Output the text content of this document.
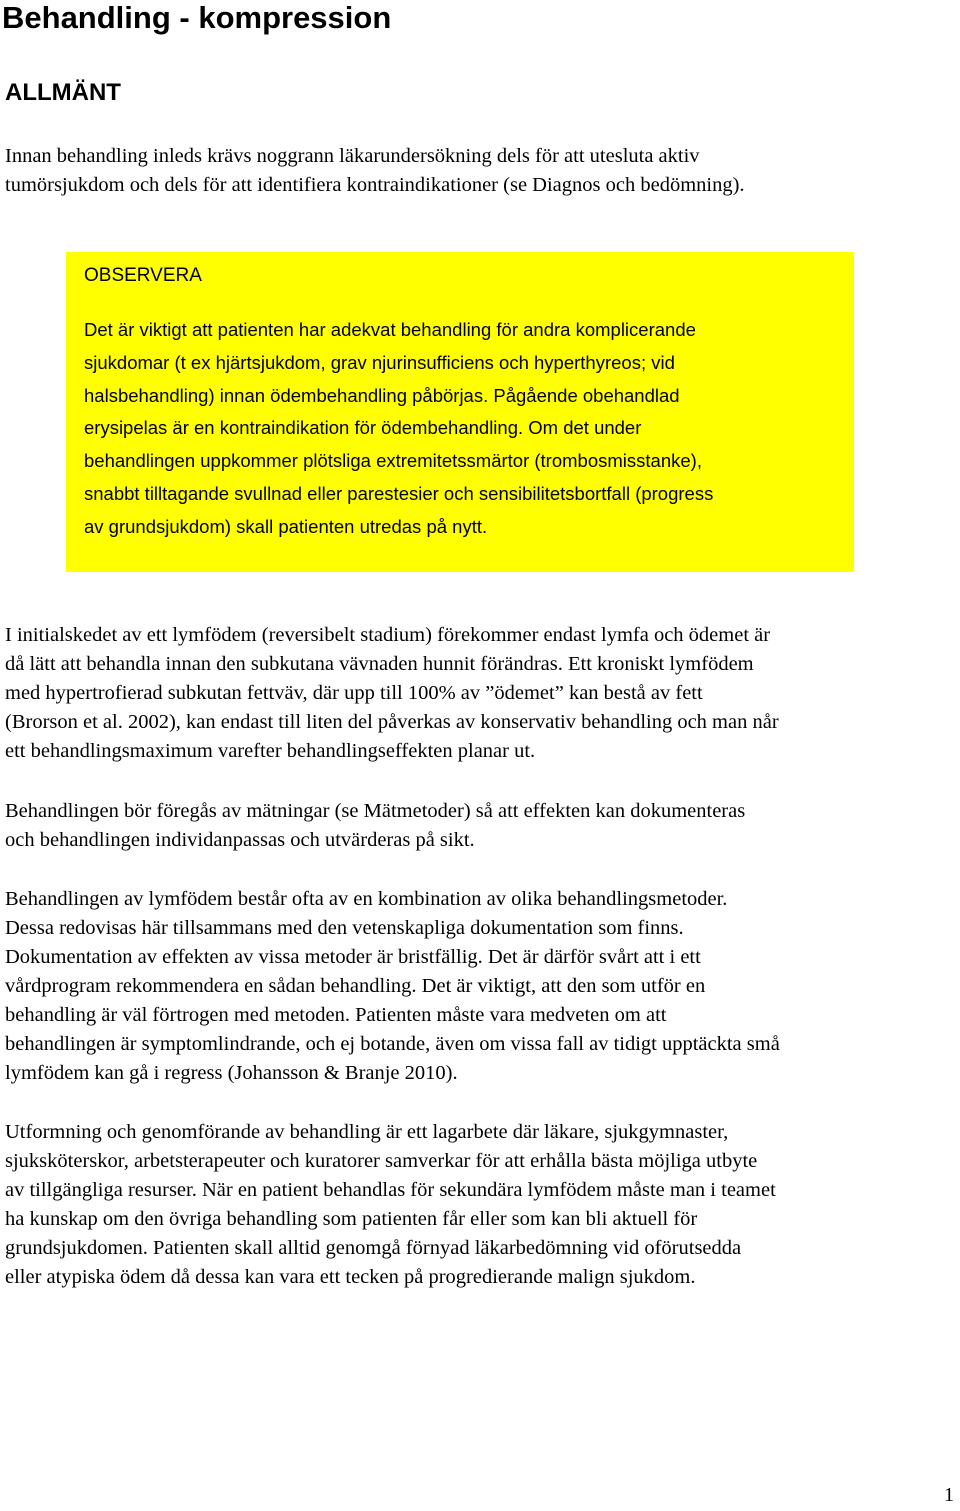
Behandling - kompression
ALLMÄNT

Innan behandling inleds krävs noggrann läkarundersökning dels för att utesluta aktiv
tumörsjukdom och dels för att identifiera kontraindikationer (se Diagnos och bedömning).

OBSERVERA

Det är viktigt att patienten har adekvat behandling för andra komplicerande
sjukdomar (t ex hjärtsjukdom, grav njurinsufficiens och hyperthyreos; vid
halsbehandling) innan ödembehandling påbörjas. Pågående obehandlad
erysipelas är en kontraindikation för ödembehandling. Om det under
behandlingen uppkommer plötsliga extremitetssmärtor (trombosmisstanke),
snabbt tilltagande svullnad eller parestesier och sensibilitetsbortfall (progress
av grundsjukdom) skall patienten utredas på nytt.

I initialskedet av ett lymfödem (reversibelt stadium) förekommer endast lymfa och ödemet är
då lätt att behandla innan den subkutana vävnaden hunnit förändras. Ett kroniskt lymfödem
med hypertrofierad subkutan fettväv, där upp till 100% av ”ödemet” kan bestå av fett
(Brorson et al. 2002), kan endast till liten del påverkas av konservativ behandling och man når
ett behandlingsmaximum varefter behandlingseffekten planar ut.

Behandlingen bör föregås av mätningar (se Mätmetoder) så att effekten kan dokumenteras
och behandlingen individanpassas och utvärderas på sikt.

Behandlingen av lymfödem består ofta av en kombination av olika behandlingsmetoder.
Dessa redovisas här tillsammans med den vetenskapliga dokumentation som finns.
Dokumentation av effekten av vissa metoder är bristfällig. Det är därför svårt att i ett
vårdprogram rekommendera en sådan behandling. Det är viktigt, att den som utför en
behandling är väl förtrogen med metoden. Patienten måste vara medveten om att
behandlingen är symptomlindrande, och ej botande, även om vissa fall av tidigt upptäckta små
lymfödem kan gå i regress (Johansson & Branje 2010).

Utformning och genomförande av behandling är ett lagarbete där läkare, sjukgymnaster,
sjuksköterskor, arbetsterapeuter och kuratorer samverkar för att erhålla bästa möjliga utbyte
av tillgängliga resurser. När en patient behandlas för sekundära lymfödem måste man i teamet
ha kunskap om den övriga behandling som patienten får eller som kan bli aktuell för
grundsjukdomen. Patienten skall alltid genomgå förnyad läkarbedömning vid oförutsedda
eller atypiska ödem då dessa kan vara ett tecken på progredierande malign sjukdom.

1
